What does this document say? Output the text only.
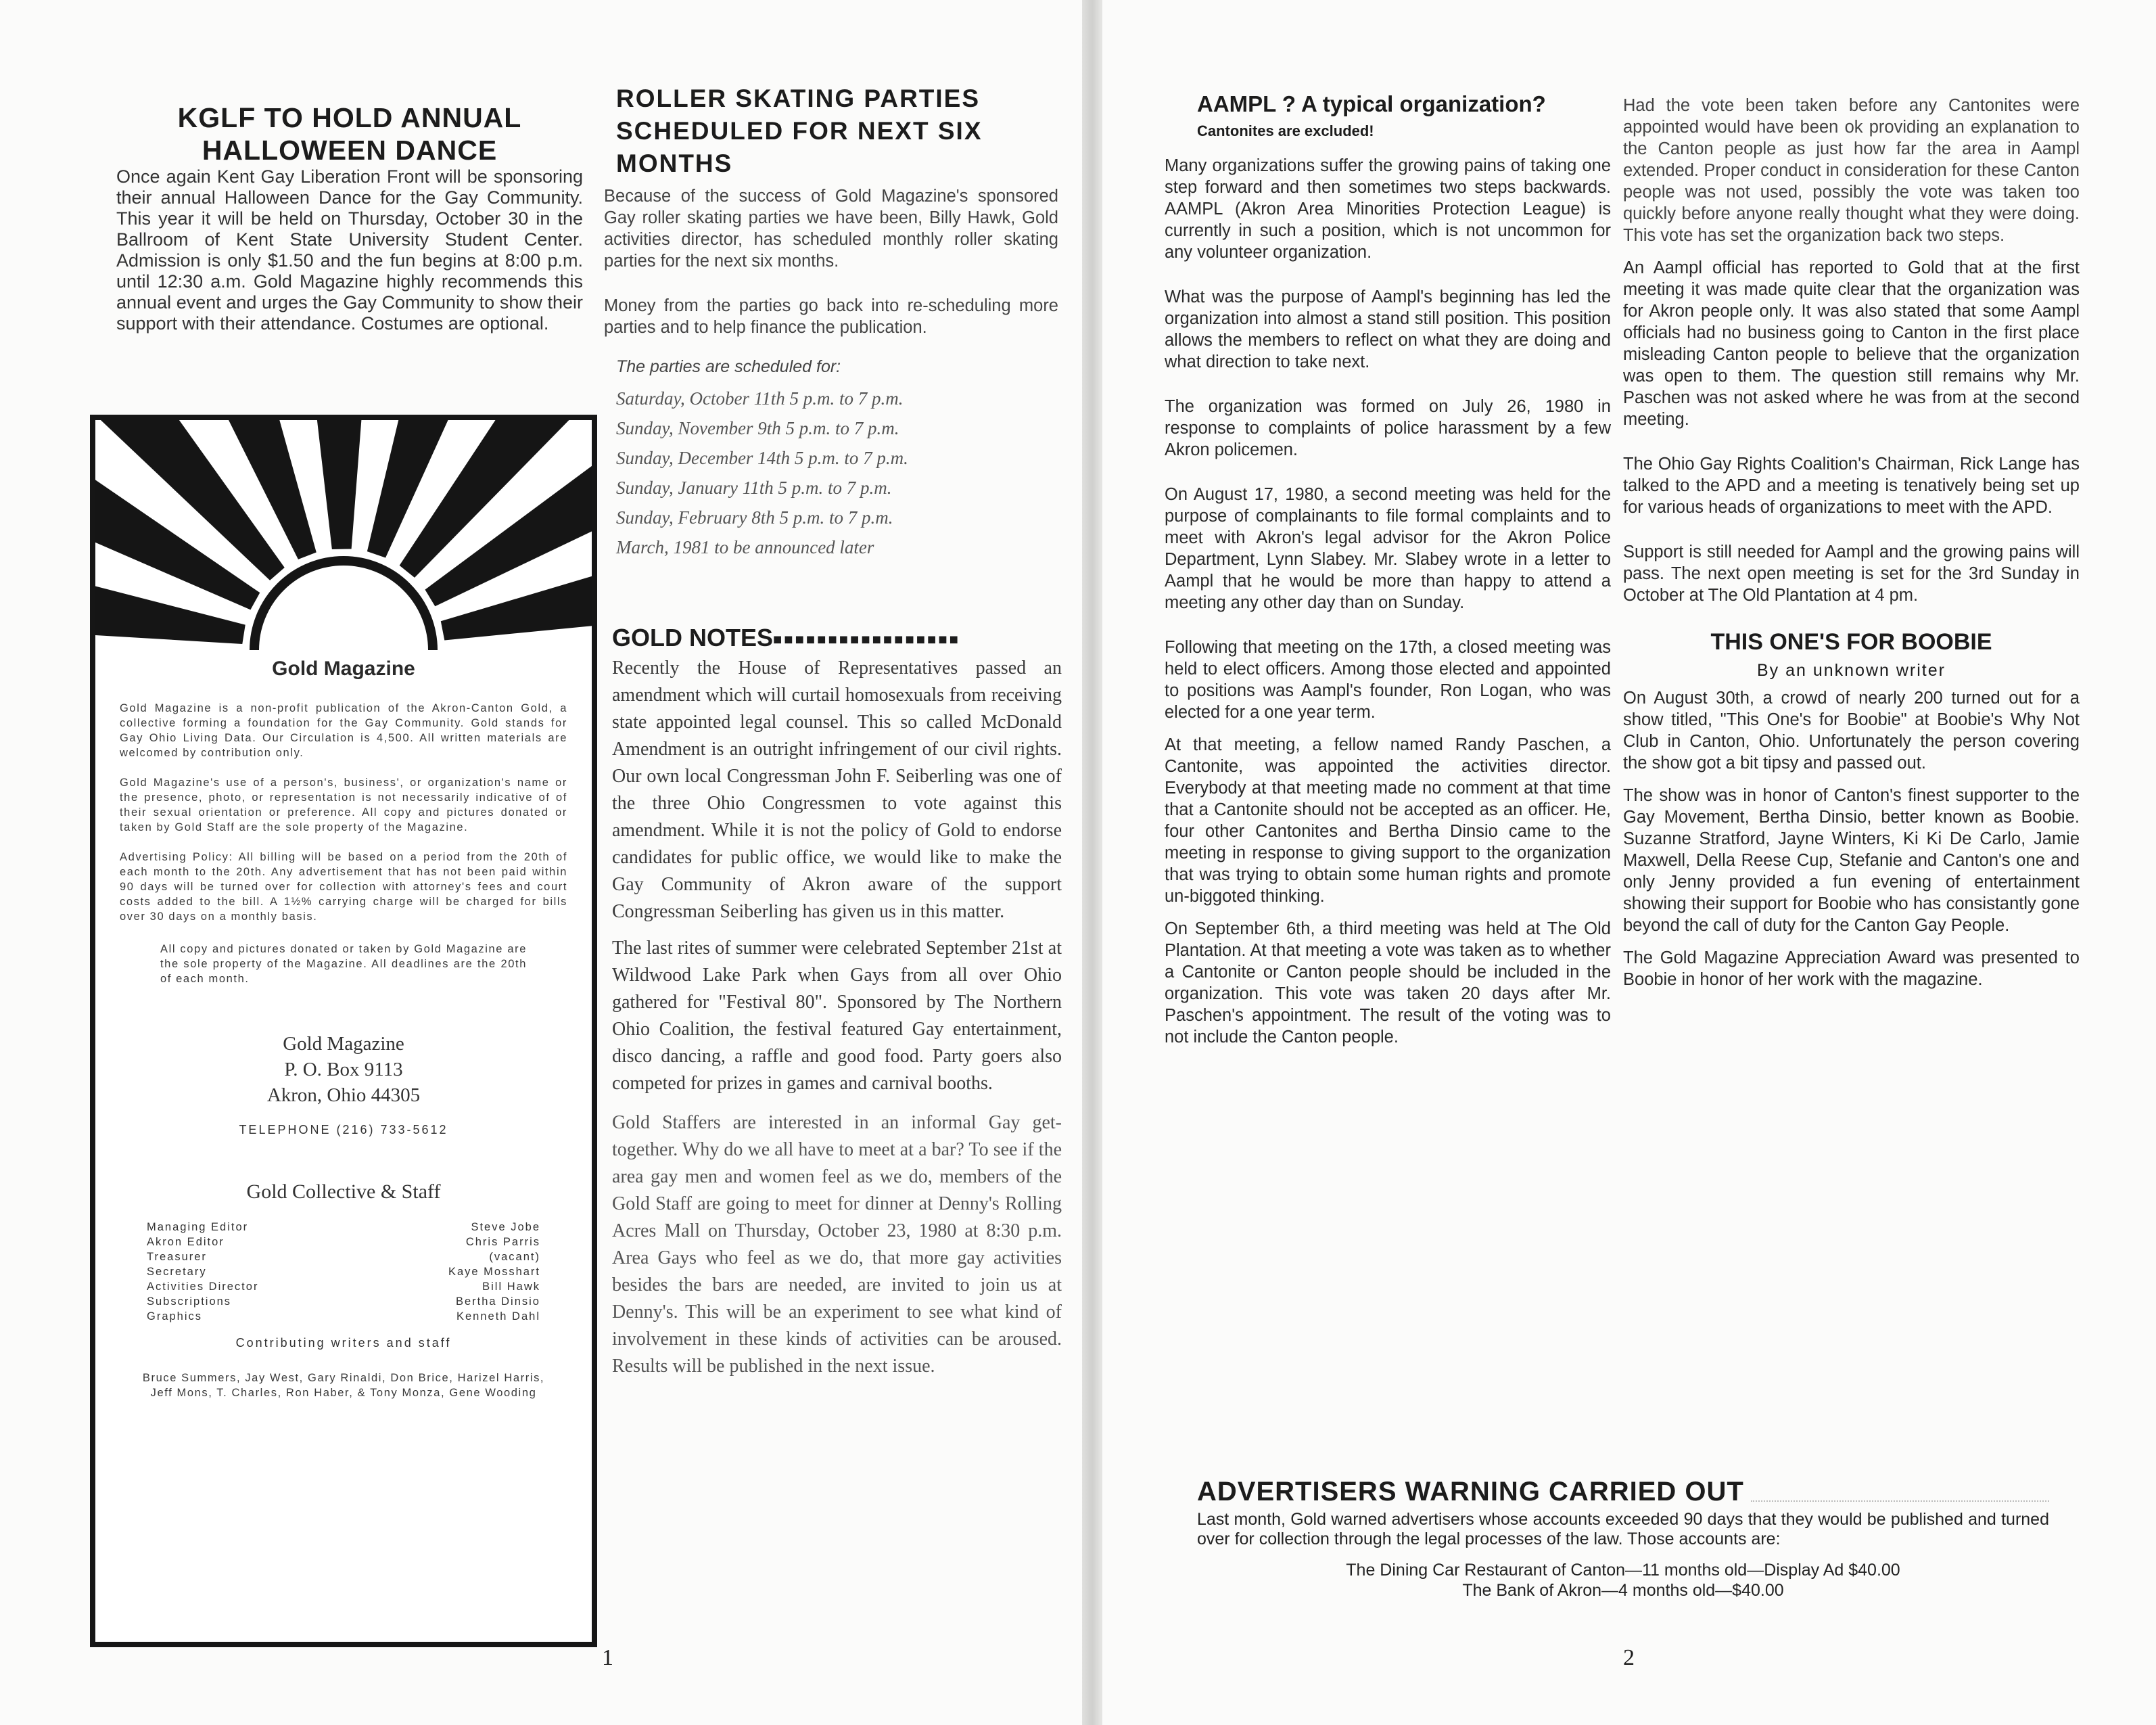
KGLF TO HOLD ANNUAL
HALLOWEEN DANCE

Once again Kent Gay Liberation Front will be sponsoring their annual Halloween Dance for the Gay Community. This year it will be held on Thursday, October 30 in the Ballroom of Kent State University Student Center. Admission is only $1.50 and the fun begins at 8:00 p.m. until 12:30 a.m. Gold Magazine highly recommends this annual event and urges the Gay Community to show their support with their attendance. Costumes are optional.

Gold Magazine

Gold Magazine is a non-profit publication of the Akron-Canton Gold, a collective forming a foundation for the Gay Community. Gold stands for Gay Ohio Living Data. Our Circulation is 4,500. All written materials are welcomed by contribution only.

Gold Magazine's use of a person's, business', or organization's name or the presence, photo, or representation is not necessarily indicative of of their sexual orientation or preference. All copy and pictures donated or taken by Gold Staff are the sole property of the Magazine.

Advertising Policy: All billing will be based on a period from the 20th of each month to the 20th. Any advertisement that has not been paid within 90 days will be turned over for collection with attorney's fees and court costs added to the bill. A 1½% carrying charge will be charged for bills over 30 days on a monthly basis.

All copy and pictures donated or taken by Gold Magazine are the sole property of the Magazine. All deadlines are the 20th of each month.

Gold Magazine
P. O. Box 9113
Akron, Ohio 44305
TELEPHONE (216) 733-5612
Gold Collective & Staff
Managing Editor
Akron Editor
Treasurer
Secretary
Activities Director
Subscriptions
Graphics
Steve Jobe
Chris Parris
(vacant)
Kaye Mosshart
Bill Hawk
Bertha Dinsio
Kenneth Dahl
Contributing writers and staff

Bruce Summers, Jay West, Gary Rinaldi, Don Brice, Harizel Harris, Jeff Mons, T. Charles, Ron Haber, & Tony Monza, Gene Wooding

ROLLER SKATING PARTIES SCHEDULED FOR NEXT SIX MONTHS

Because of the success of Gold Magazine's sponsored Gay roller skating parties we have been, Billy Hawk, Gold activities director, has scheduled monthly roller skating parties for the next six months.

Money from the parties go back into re-scheduling more parties and to help finance the publication.

The parties are scheduled for:

Saturday, October 11th 5 p.m. to 7 p.m.
Sunday, November 9th 5 p.m. to 7 p.m.
Sunday, December 14th 5 p.m. to 7 p.m.
Sunday, January 11th 5 p.m. to 7 p.m.
Sunday, February 8th 5 p.m. to 7 p.m.
March, 1981 to be announced later
GOLD NOTES■■■■■■■■■■■■■■■■■

Recently the House of Representatives passed an amendment which will curtail homosexuals from receiving state appointed legal counsel. This so called McDonald Amendment is an outright infringement of our civil rights. Our own local Congressman John F. Seiberling was one of the three Ohio Congressmen to vote against this amendment. While it is not the policy of Gold to endorse candidates for public office, we would like to make the Gay Community of Akron aware of the support Congressman Seiberling has given us in this matter.

The last rites of summer were celebrated September 21st at Wildwood Lake Park when Gays from all over Ohio gathered for "Festival 80". Sponsored by The Northern Ohio Coalition, the festival featured Gay entertainment, disco dancing, a raffle and good food. Party goers also competed for prizes in games and carnival booths.

Gold Staffers are interested in an informal Gay get-together. Why do we all have to meet at a bar? To see if the area gay men and women feel as we do, members of the Gold Staff are going to meet for dinner at Denny's Rolling Acres Mall on Thursday, October 23, 1980 at 8:30 p.m. Area Gays who feel as we do, that more gay activities besides the bars are needed, are invited to join us at Denny's. This will be an experiment to see what kind of involvement in these kinds of activities can be aroused. Results will be published in the next issue.

1
AAMPL ? A typical organization?
Cantonites are excluded!

Many organizations suffer the growing pains of taking one step forward and then sometimes two steps backwards. AAMPL (Akron Area Minorities Protection League) is currently in such a position, which is not uncommon for any volunteer organization.

What was the purpose of Aampl's beginning has led the organization into almost a stand still position. This position allows the members to reflect on what they are doing and what direction to take next.

The organization was formed on July 26, 1980 in response to complaints of police harassment by a few Akron policemen.

On August 17, 1980, a second meeting was held for the purpose of complainants to file formal complaints and to meet with Akron's legal advisor for the Akron Police Department, Lynn Slabey. Mr. Slabey wrote in a letter to Aampl that he would be more than happy to attend a meeting any other day than on Sunday.

Following that meeting on the 17th, a closed meeting was held to elect officers. Among those elected and appointed to positions was Aampl's founder, Ron Logan, who was elected for a one year term.

At that meeting, a fellow named Randy Paschen, a Cantonite, was appointed the activities director. Everybody at that meeting made no comment at that time that a Cantonite should not be accepted as an officer. He, four other Cantonites and Bertha Dinsio came to the meeting in response to giving support to the organization that was trying to obtain some human rights and promote un-biggoted thinking.

On September 6th, a third meeting was held at The Old Plantation. At that meeting a vote was taken as to whether a Cantonite or Canton people should be included in the organization. This vote was taken 20 days after Mr. Paschen's appointment. The result of the voting was to not include the Canton people.

Had the vote been taken before any Cantonites were appointed would have been ok providing an explanation to the Canton people as just how far the area in Aampl extended. Proper conduct in consideration for these Canton people was not used, possibly the vote was taken too quickly before anyone really thought what they were doing. This vote has set the organization back two steps.

An Aampl official has reported to Gold that at the first meeting it was made quite clear that the organization was for Akron people only. It was also stated that some Aampl officials had no business going to Canton in the first place misleading Canton people to believe that the organization was open to them. The question still remains why Mr. Paschen was not asked where he was from at the second meeting.

The Ohio Gay Rights Coalition's Chairman, Rick Lange has talked to the APD and a meeting is tenatively being set up for various heads of organizations to meet with the APD.

Support is still needed for Aampl and the growing pains will pass. The next open meeting is set for the 3rd Sunday in October at The Old Plantation at 4 pm.

THIS ONE'S FOR BOOBIE
By an unknown writer

On August 30th, a crowd of nearly 200 turned out for a show titled, "This One's for Boobie" at Boobie's Why Not Club in Canton, Ohio. Unfortunately the person covering the show got a bit tipsy and passed out.

The show was in honor of Canton's finest supporter to the Gay Movement, Bertha Dinsio, better known as Boobie. Suzanne Stratford, Jayne Winters, Ki Ki De Carlo, Jamie Maxwell, Della Reese Cup, Stefanie and Canton's one and only Jenny provided a fun evening of entertainment showing their support for Boobie who has consistantly gone beyond the call of duty for the Canton Gay People.

The Gold Magazine Appreciation Award was presented to Boobie in honor of her work with the magazine.

ADVERTISERS WARNING CARRIED OUT

Last month, Gold warned advertisers whose accounts exceeded 90 days that they would be published and turned over for collection through the legal processes of the law. Those accounts are:

The Dining Car Restaurant of Canton—11 months old—Display Ad $40.00
The Bank of Akron—4 months old—$40.00
2
